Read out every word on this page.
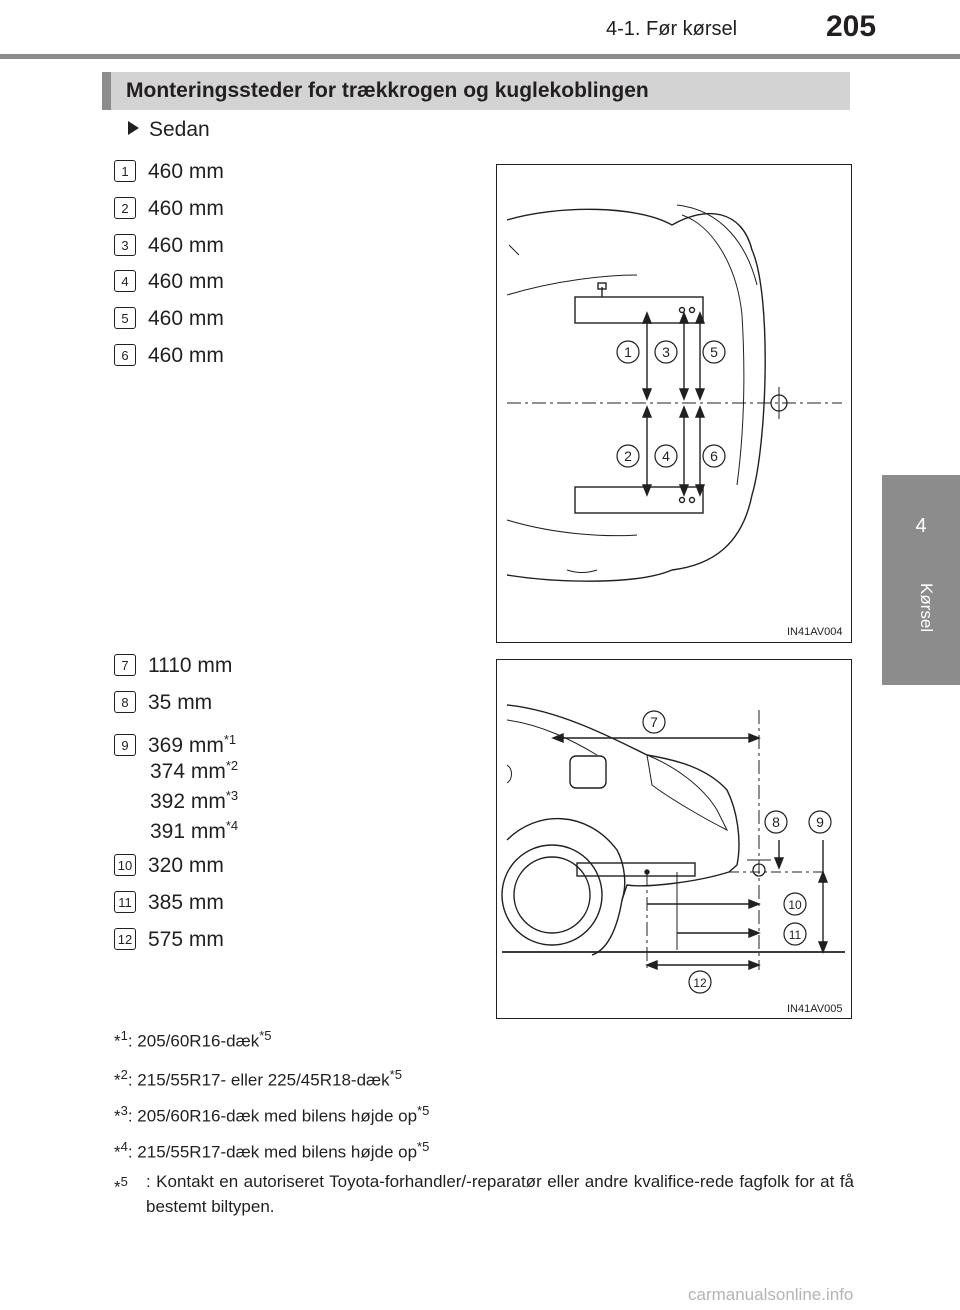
4-1. Før kørsel	205
4
Kørsel
Monteringssteder for trækkrogen og kuglekoblingen
Sedan
1 460 mm
2 460 mm
3 460 mm
4 460 mm
5 460 mm
6 460 mm	1 3	5
2 4	6
IN41AV004
7 1110 mm
8 35 mm
9 369 $mm^{*1}$
374 $mm^{*2}$
392 $mm^{*3}$
391 $mm^{*4}$
10 320 mm
11 385 mm
12 575 mm
7
8	9
10
11
12
IN41AV005
*$^1$: 205/60R16-dæk$^{*5}$
*$^2$: 215/55R17- eller 225/45R18-dæk$^{*5}$
*$^3$: 205/60R16-dæk med bilens højde $op^{*5}$
*$^4$: 215/55R17-dæk med bilens højde $op^{*5}$
*$^5$ : Kontakt en autoriseret Toyota-forhandler/-reparatør eller andre kvalifice-rede fagfolk for at få bestemt biltypen.
carmanualsonline.info
